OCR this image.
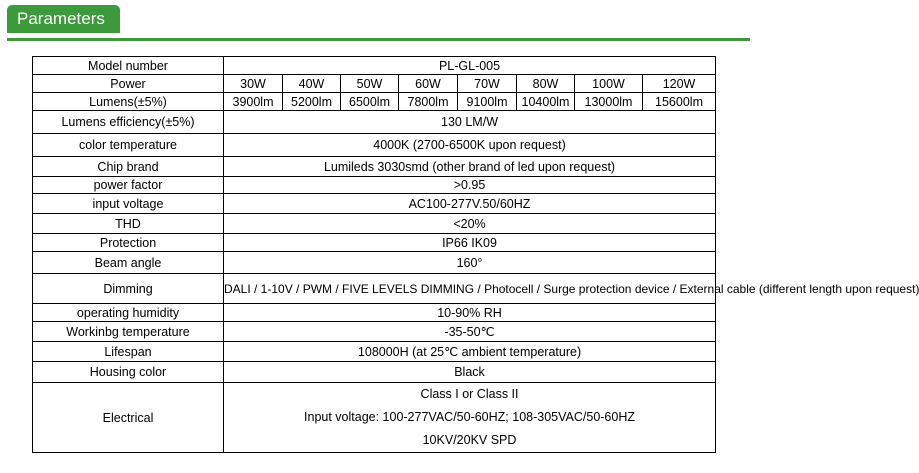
Parameters
Model number	PL-GL-005							
Power	30W	40W	50W	60W	70W	80W	100W	120W
Lumens(±5%)	3900lm	5200lm	6500lm	7800lm	9100lm	10400lm	13000lm	15600lm
Lumens efficiency(±5%)	130 LM/W							
color temperature	4000K (2700-6500K upon request)							
Chip brand	Lumileds 3030smd (other brand of led upon request)							
power factor	>0.95							
input voltage	AC100-277V.50/60HZ							
THD	<20%							
Protection	IP66 IK09							
Beam angle	160°							
Dimming	DALI / 1-10V / PWM / FIVE LEVELS DIMMING / Photocell / Surge protection device / External cable (different length upon request)							
operating humidity	10-90% RH							
Workinbg temperature	-35-50℃							
Lifespan	108000H (at 25℃ ambient temperature)							
Housing color	Black							
Electrical	Class I or Class II
Input voltage: 100-277VAC/50-60HZ; 108-305VAC/50-60HZ
10KV/20KV SPD							
